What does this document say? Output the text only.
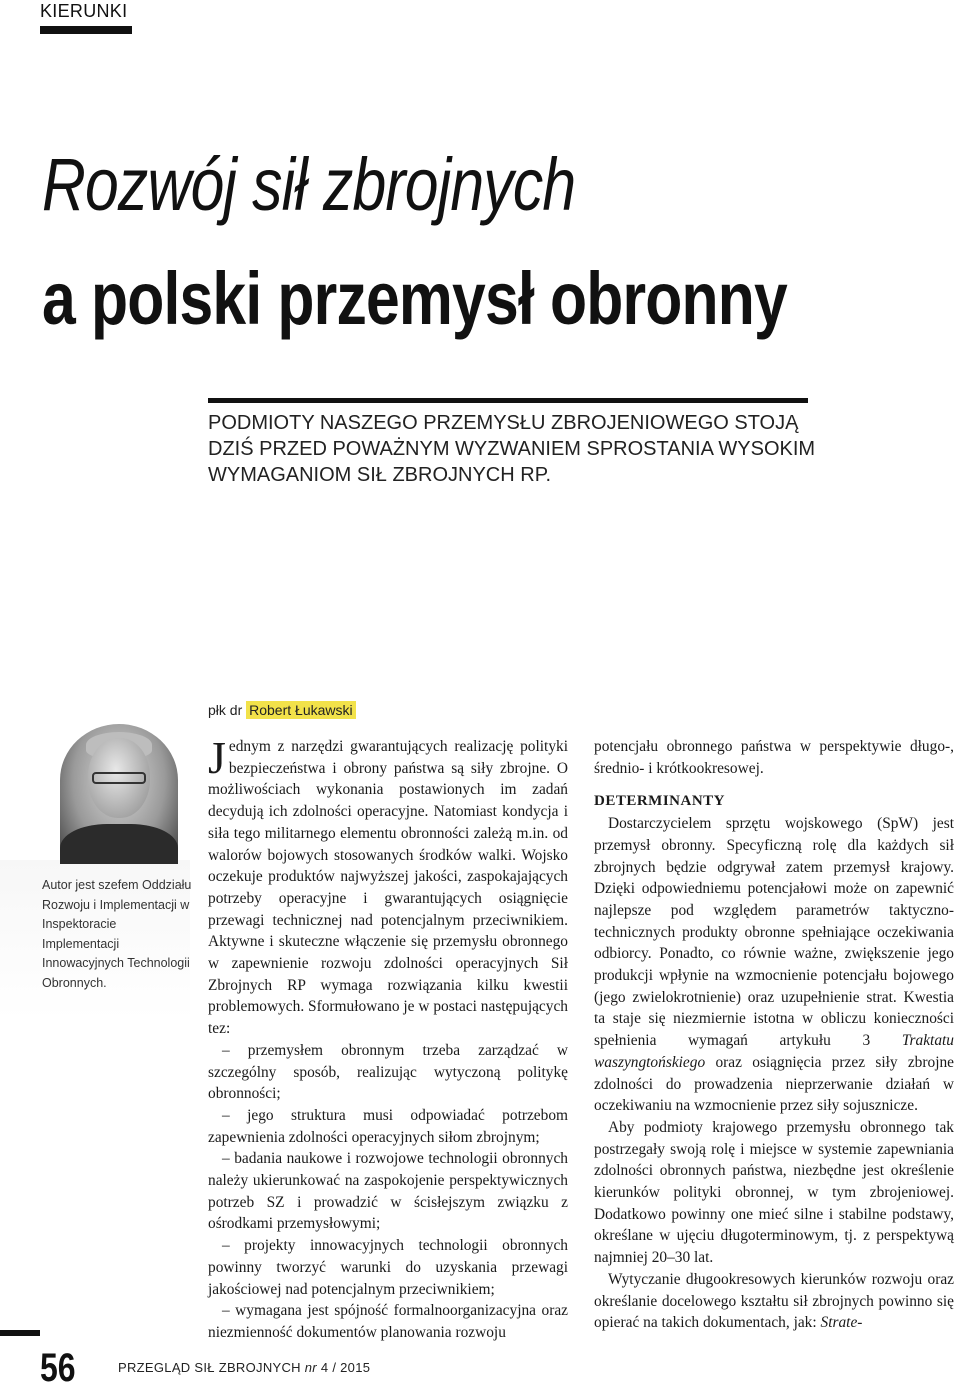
KIERUNKI
Rozwój sił zbrojnych
a polski przemysł obronny

PODMIOTY NASZEGO PRZEMYSŁU ZBROJENIOWEGO STOJĄ DZIŚ PRZED POWAŻNYM WYZWANIEM SPROSTANIA WYSOKIM WYMAGANIOM SIŁ ZBROJNYCH RP.

płk dr Robert Łukawski

Autor jest szefem Oddziału Rozwoju i Implementacji w Inspektoracie Implementacji Innowacyjnych Technologii Obronnych.

Jednym z narzędzi gwarantujących realizację polityki bezpieczeństwa i obrony państwa są siły zbrojne. O możliwościach wykonania postawionych im zadań decydują ich zdolności operacyjne. Natomiast kondycja i siła tego militarnego elementu obronności zależą m.in. od walorów bojowych stosowanych środków walki. Wojsko oczekuje produktów najwyższej jakości, zaspokajających potrzeby operacyjne i gwarantujących osiągnięcie przewagi technicznej nad potencjalnym przeciwnikiem. Aktywne i skuteczne włączenie się przemysłu obronnego w zapewnienie rozwoju zdolności operacyjnych Sił Zbrojnych RP wymaga rozwiązania kilku kwestii problemowych. Sformułowano je w postaci następujących tez:

– przemysłem obronnym trzeba zarządzać w szczególny sposób, realizując wytyczoną politykę obronności;

– jego struktura musi odpowiadać potrzebom zapewnienia zdolności operacyjnych siłom zbrojnym;

– badania naukowe i rozwojowe technologii obronnych należy ukierunkować na zaspokojenie perspektywicznych potrzeb SZ i prowadzić w ścisłejszym związku z ośrodkami przemysłowymi;

– projekty innowacyjnych technologii obronnych powinny tworzyć warunki do uzyskania przewagi jakościowej nad potencjalnym przeciwnikiem;

– wymagana jest spójność formalnoorganizacyjna oraz niezmienność dokumentów planowania rozwoju

potencjału obronnego państwa w perspektywie długo-, średnio- i krótkookresowej.

DETERMINANTY

Dostarczycielem sprzętu wojskowego (SpW) jest przemysł obronny. Specyficzną rolę dla każdych sił zbrojnych będzie odgrywał zatem przemysł krajowy. Dzięki odpowiedniemu potencjałowi może on zapewnić najlepsze pod względem parametrów taktyczno-technicznych produkty obronne spełniające oczekiwania odbiorcy. Ponadto, co równie ważne, zwiększenie jego produkcji wpłynie na wzmocnienie potencjału bojowego (jego zwielokrotnienie) oraz uzupełnienie strat. Kwestia ta staje się niezmiernie istotna w obliczu konieczności spełnienia wymagań artykułu 3 Traktatu waszyngtońskiego oraz osiągnięcia przez siły zbrojne zdolności do prowadzenia nieprzerwanie działań w oczekiwaniu na wzmocnienie przez siły sojusznicze.

Aby podmioty krajowego przemysłu obronnego tak postrzegały swoją rolę i miejsce w systemie zapewniania zdolności obronnych państwa, niezbędne jest określenie kierunków polityki obronnej, w tym zbrojeniowej. Dodatkowo powinny one mieć silne i stabilne podstawy, określane w ujęciu długoterminowym, tj. z perspektywą najmniej 20–30 lat.

Wytyczanie długookresowych kierunków rozwoju oraz określanie docelowego kształtu sił zbrojnych powinno się opierać na takich dokumentach, jak: Strate-

56	PRZEGLĄD SIŁ ZBROJNYCH nr 4 / 2015
